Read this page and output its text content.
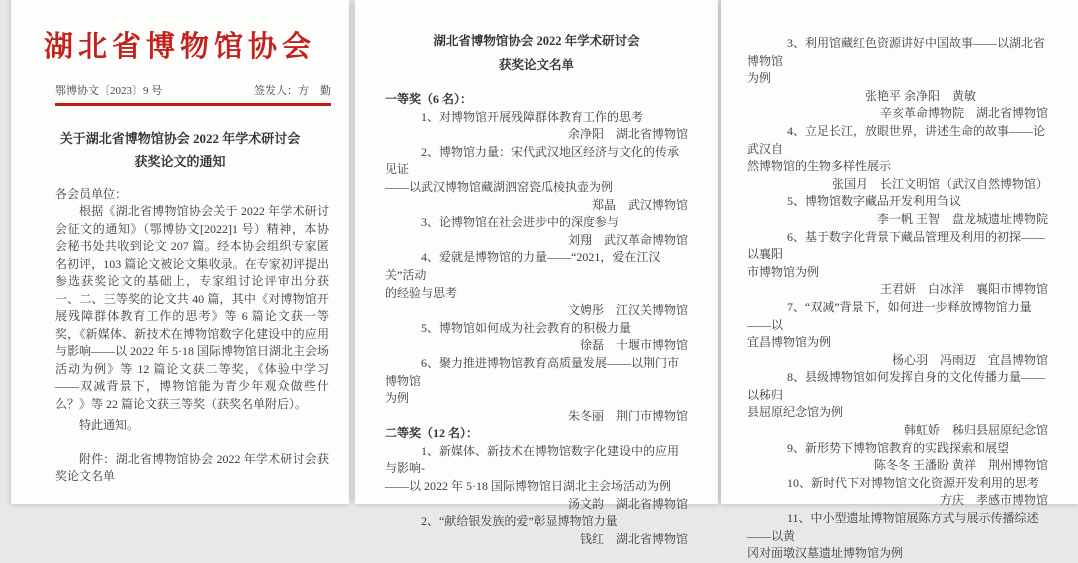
湖北省博物馆协会
鄂博协文〔2023〕9 号	签发人：方　勤
关于湖北省博物馆协会 2022 年学术研讨会
获奖论文的通知
各会员单位：

根据《湖北省博物馆协会关于 2022 年学术研讨会征文的通知》（鄂博协文[2022]1 号）精神，本协会秘书处共收到论文 207 篇。经本协会组织专家匿名初评，103 篇论文被论文集收录。在专家初评提出参选获奖论文的基础上，专家组讨论评审出分获一、二、三等奖的论文共 40 篇，其中《对博物馆开展残障群体教育工作的思考》等 6 篇论文获一等奖，《新媒体、新技术在博物馆数字化建设中的应用与影响——以 2022 年 5·18 国际博物馆日湖北主会场活动为例》等 12 篇论文获二等奖，《体验中学习——双减背景下，博物馆能为青少年观众做些什么？》等 22 篇论文获三等奖（获奖名单附后）。

特此通知。

附件：湖北省博物馆协会 2022 年学术研讨会获奖论文名单

湖北省博物馆协会 2022 年学术研讨会
获奖论文名单
一等奖（6 名）：
1、对博物馆开展残障群体教育工作的思考
余净阳　湖北省博物馆
2、博物馆力量：宋代武汉地区经济与文化的传承见证
——以武汉博物馆藏湖泗窑瓷瓜棱执壶为例
郑晶　武汉博物馆
3、论博物馆在社会进步中的深度参与
刘翔　武汉革命博物馆
4、爱就是博物馆的力量——“2021，爱在江汉关”活动
的经验与思考
文娉彤　江汉关博物馆
5、博物馆如何成为社会教育的积极力量
徐磊　十堰市博物馆
6、聚力推进博物馆教育高质量发展——以荆门市博物馆
为例
朱冬丽　荆门市博物馆
二等奖（12 名）：
1、新媒体、新技术在博物馆数字化建设中的应用与影响-
——以 2022 年 5·18 国际博物馆日湖北主会场活动为例
汤文韵　湖北省博物馆
2、“献给银发族的爱”彰显博物馆力量
钱红　湖北省博物馆
3、利用馆藏红色资源讲好中国故事——以湖北省博物馆
为例
张艳平 余净阳　黄敏
辛亥革命博物院　湖北省博物馆
4、立足长江，放眼世界，讲述生命的故事——论武汉自
然博物馆的生物多样性展示
张国月　长江文明馆（武汉自然博物馆）
5、博物馆数字藏品开发利用刍议
李一帆 王智　盘龙城遗址博物院
6、基于数字化背景下藏品管理及利用的初探——以襄阳
市博物馆为例
王君妍　白冰洋　襄阳市博物馆
7、“双减”背景下，如何进一步释放博物馆力量——以
宜昌博物馆为例
杨心羽　冯雨迈　宜昌博物馆
8、县级博物馆如何发挥自身的文化传播力量——以秭归
县屈原纪念馆为例
韩虹娇　秭归县屈原纪念馆
9、新形势下博物馆教育的实践探索和展望
陈冬冬 王潘盼 黄祥　荆州博物馆
10、新时代下对博物馆文化资源开发利用的思考
方庆　孝感市博物馆
11、中小型遗址博物馆展陈方式与展示传播综述——以黄
冈对面墩汉墓遗址博物馆为例
